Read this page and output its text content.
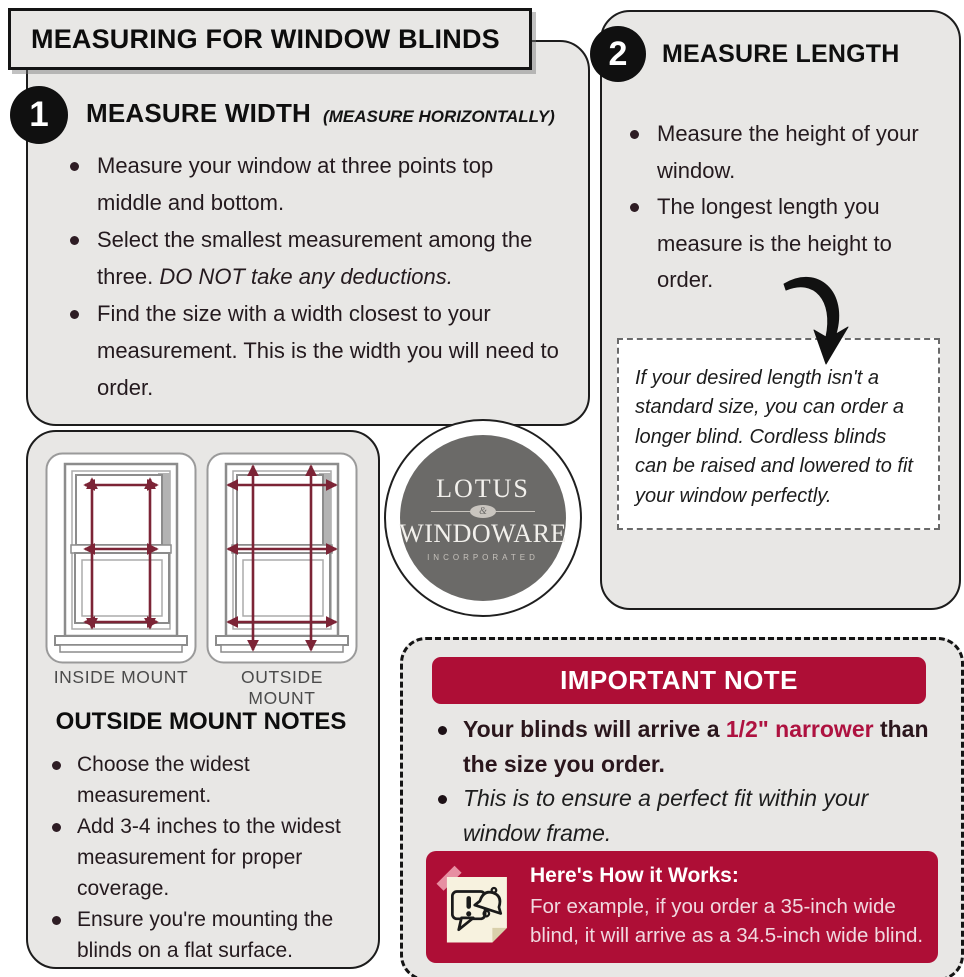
MEASURING FOR WINDOW BLINDS
1 MEASURE WIDTH (MEASURE HORIZONTALLY)
Measure your window at three points top middle and bottom.
Select the smallest measurement among the three. DO NOT take any deductions.
Find the size with a width closest to your measurement. This is the width you will need to order.
2 MEASURE LENGTH
Measure the height of your window.
The longest length you measure is the height to order.
If your desired length isn't a standard size, you can order a longer blind. Cordless blinds can be raised and lowered to fit your window perfectly.
LOTUS
&
WINDOWARE
INCORPORATED
INSIDE MOUNT	OUTSIDE MOUNT
OUTSIDE MOUNT NOTES
Choose the widest measurement.
Add 3-4 inches to the widest measurement for proper coverage.
Ensure you're mounting the blinds on a flat surface.
IMPORTANT NOTE
Your blinds will arrive a 1/2" narrower than the size you order.
This is to ensure a perfect fit within your window frame.
Here's How it Works:
For example, if you order a 35-inch wide blind, it will arrive as a 34.5-inch wide blind.
